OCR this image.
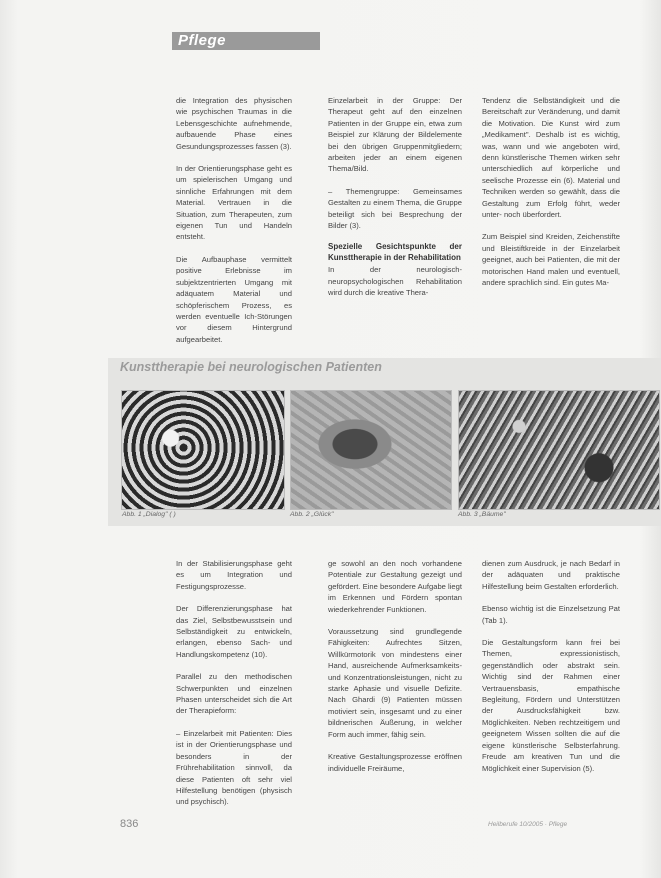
Pflege

die Integration des physischen wie psychischen Traumas in die Lebensgeschichte aufnehmende, aufbauende Phase eines Gesundungsprozesses fassen (3).

In der Orientierungsphase geht es um spielerischen Umgang und sinnliche Erfahrungen mit dem Material. Vertrauen in die Situation, zum Therapeuten, zum eigenen Tun und Handeln entsteht.

Die Aufbauphase vermittelt positive Erlebnisse im subjektzentrierten Umgang mit adäquatem Material und schöpferischem Prozess, es werden eventuelle Ich-Störungen vor diesem Hintergrund aufgearbeitet.

Einzelarbeit in der Gruppe: Der Therapeut geht auf den einzelnen Patienten in der Gruppe ein, etwa zum Beispiel zur Klärung der Bildelemente bei den übrigen Gruppenmitgliedern; arbeiten jeder an einem eigenen Thema/Bild.

– Themengruppe: Gemeinsames Gestalten zu einem Thema, die Gruppe beteiligt sich bei Besprechung der Bilder (3).

Spezielle Gesichtspunkte der Kunsttherapie in der Rehabilitation

In der neurologisch-neuropsychologischen Rehabilitation wird durch die kreative Thera-

Tendenz die Selbständigkeit und die Bereitschaft zur Veränderung, und damit die Motivation. Die Kunst wird zum „Medikament". Deshalb ist es wichtig, was, wann und wie angeboten wird, denn künstlerische Themen wirken sehr unterschiedlich auf körperliche und seelische Prozesse ein (6). Material und Techniken werden so gewählt, dass die Gestaltung zum Erfolg führt, weder unter- noch überfordert.

Zum Beispiel sind Kreiden, Zeichenstifte und Bleistiftkreide in der Einzelarbeit geeignet, auch bei Patienten, die mit der motorischen Hand malen und eventuell, andere sprachlich sind. Ein gutes Ma-

Kunsttherapie bei neurologischen Patienten
Abb. 1 „Dialog" ( )	Abb. 2 „Glück"	Abb. 3 „Bäume"

In der Stabilisierungsphase geht es um Integration und Festigungsprozesse.

Der Differenzierungsphase hat das Ziel, Selbstbewusstsein und Selbständigkeit zu entwickeln, erlangen, ebenso Sach- und Handlungskompetenz (10).

Parallel zu den methodischen Schwerpunkten und einzelnen Phasen unterscheidet sich die Art der Therapieform:

– Einzelarbeit mit Patienten: Dies ist in der Orientierungsphase und besonders in der Frührehabilitation sinnvoll, da diese Patienten oft sehr viel Hilfestellung benötigen (physisch und psychisch).

ge sowohl an den noch vorhandene Potentiale zur Gestaltung gezeigt und gefördert. Eine besondere Aufgabe liegt im Erkennen und Fördern spontan wiederkehrender Funktionen.

Voraussetzung sind grundlegende Fähigkeiten: Aufrechtes Sitzen, Willkürmotorik von mindestens einer Hand, ausreichende Aufmerksamkeits- und Konzentrationsleistungen, nicht zu starke Aphasie und visuelle Defizite. Nach Ghardi (9) Patienten müssen motiviert sein, insgesamt und zu einer bildnerischen Äußerung, in welcher Form auch immer, fähig sein.

Kreative Gestaltungsprozesse eröffnen individuelle Freiräume,

dienen zum Ausdruck, je nach Bedarf in der adäquaten und praktische Hilfestellung beim Gestalten erforderlich.

Ebenso wichtig ist die Einzelsetzung Pat (Tab 1).

Die Gestaltungsform kann frei bei Themen, expressionistisch, gegenständlich oder abstrakt sein. Wichtig sind der Rahmen einer Vertrauensbasis, empathische Begleitung, Fördern und Unterstützen der Ausdrucksfähigkeit bzw. Möglichkeiten. Neben rechtzeitigem und geeignetem Wissen sollten die auf die eigene künstlerische Selbsterfahrung. Freude am kreativen Tun und die Möglichkeit einer Supervision (5).

836	Heilberufe 10/2005 · Pflege
